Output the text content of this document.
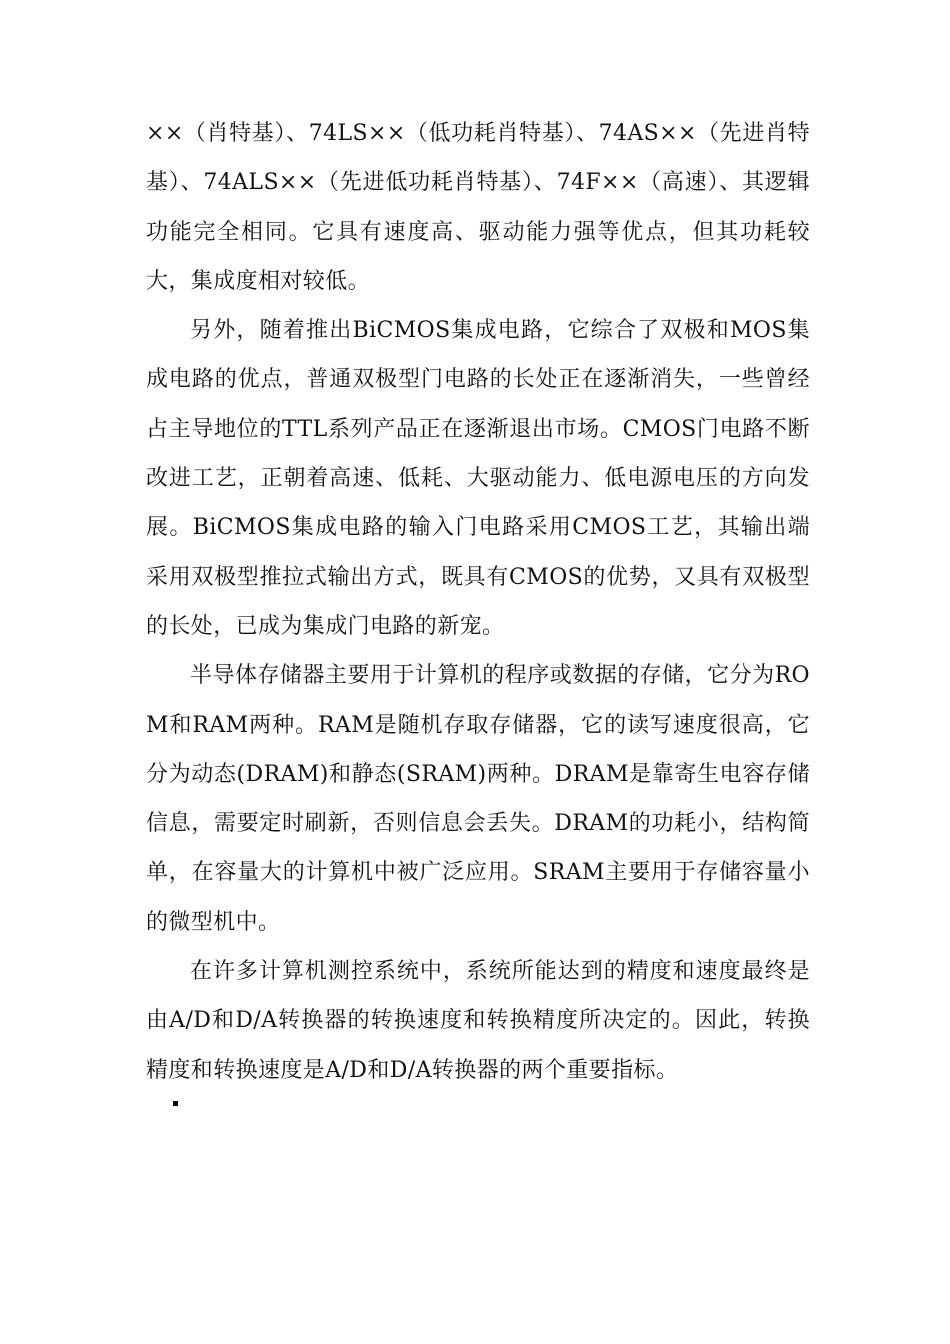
××（肖特基）、74LS××（低功耗肖特基）、74AS××（先进肖特基）、74ALS××（先进低功耗肖特基）、74F××（高速）、其逻辑功能完全相同。它具有速度高、驱动能力强等优点，但其功耗较大，集成度相对较低。

另外，随着推出BiCMOS集成电路，它综合了双极和MOS集成电路的优点，普通双极型门电路的长处正在逐渐消失，一些曾经占主导地位的TTL系列产品正在逐渐退出市场。CMOS门电路不断改进工艺，正朝着高速、低耗、大驱动能力、低电源电压的方向发展。BiCMOS集成电路的输入门电路采用CMOS工艺，其输出端采用双极型推拉式输出方式，既具有CMOS的优势，又具有双极型的长处，已成为集成门电路的新宠。

半导体存储器主要用于计算机的程序或数据的存储，它分为ROM和RAM两种。RAM是随机存取存储器，它的读写速度很高，它分为动态(DRAM)和静态(SRAM)两种。DRAM是靠寄生电容存储信息，需要定时刷新，否则信息会丢失。DRAM的功耗小，结构简单，在容量大的计算机中被广泛应用。SRAM主要用于存储容量小的微型机中。

在许多计算机测控系统中，系统所能达到的精度和速度最终是由A/D和D/A转换器的转换速度和转换精度所决定的。因此，转换精度和转换速度是A/D和D/A转换器的两个重要指标。
